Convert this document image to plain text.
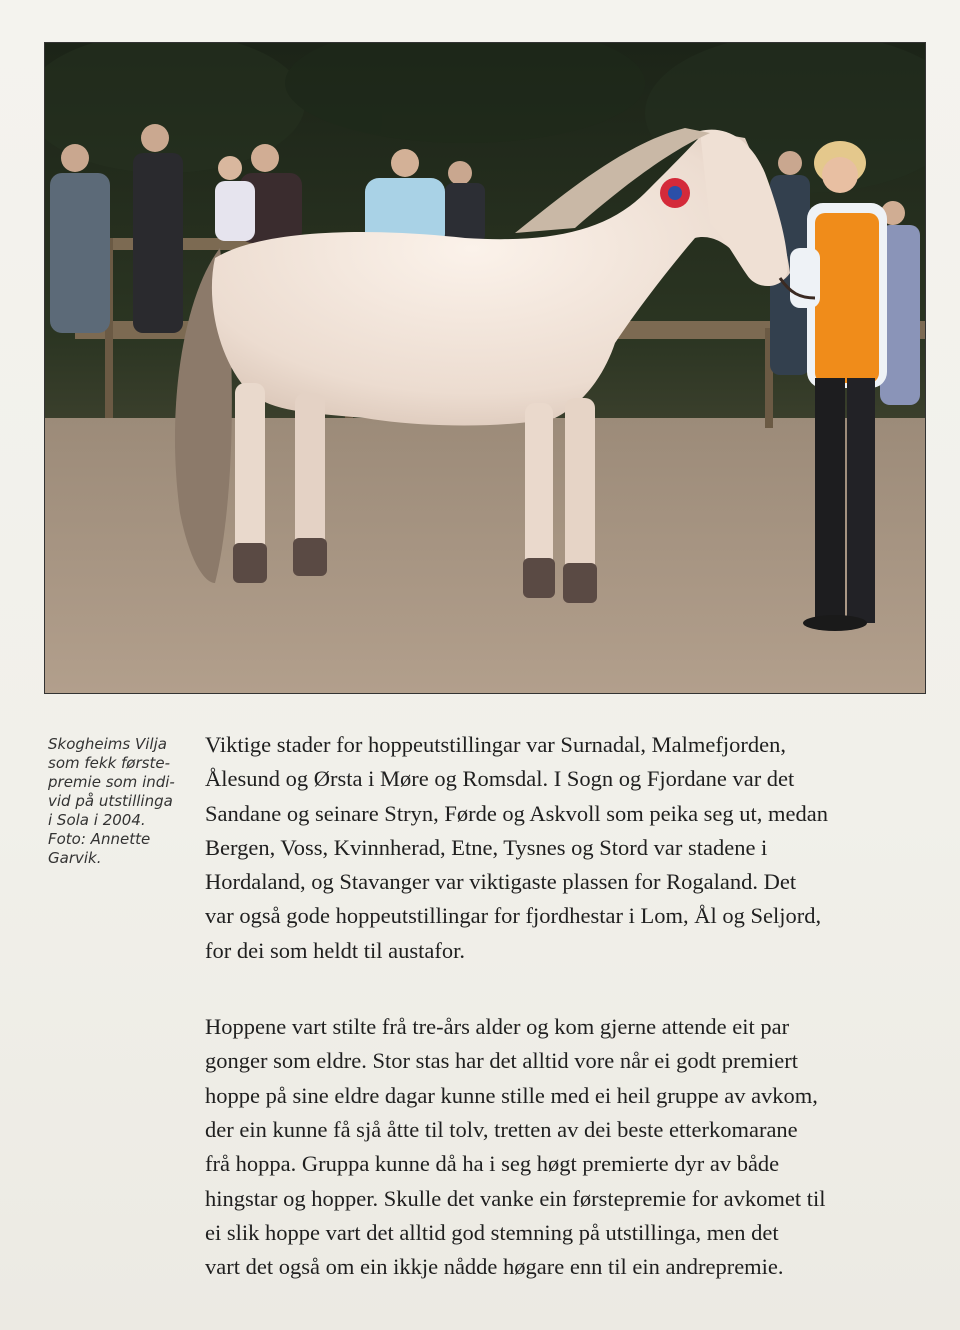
Skogheims Vilja
som fekk første-
premie som indi-
vid på utstillinga
i Sola i 2004.
Foto: Annette
Garvik.
Viktige stader for hoppeutstillingar var Surnadal, Malmefjorden,
Ålesund og Ørsta i Møre og Romsdal. I Sogn og Fjordane var det
Sandane og seinare Stryn, Førde og Askvoll som peika seg ut, medan
Bergen, Voss, Kvinnherad, Etne, Tysnes og Stord var stadene i
Hordaland, og Stavanger var viktigaste plassen for Rogaland. Det
var også gode hoppeutstillingar for fjordhestar i Lom, Ål og Seljord,
for dei som heldt til austafor.
Hoppene vart stilte frå tre-års alder og kom gjerne attende eit par
gonger som eldre. Stor stas har det alltid vore når ei godt premiert
hoppe på sine eldre dagar kunne stille med ei heil gruppe av avkom,
der ein kunne få sjå åtte til tolv, tretten av dei beste etterkomarane
frå hoppa. Gruppa kunne då ha i seg høgt premierte dyr av både
hingstar og hopper. Skulle det vanke ein førstepremie for avkomet til
ei slik hoppe vart det alltid god stemning på utstillinga, men det
vart det også om ein ikkje nådde høgare enn til ein andrepremie.
